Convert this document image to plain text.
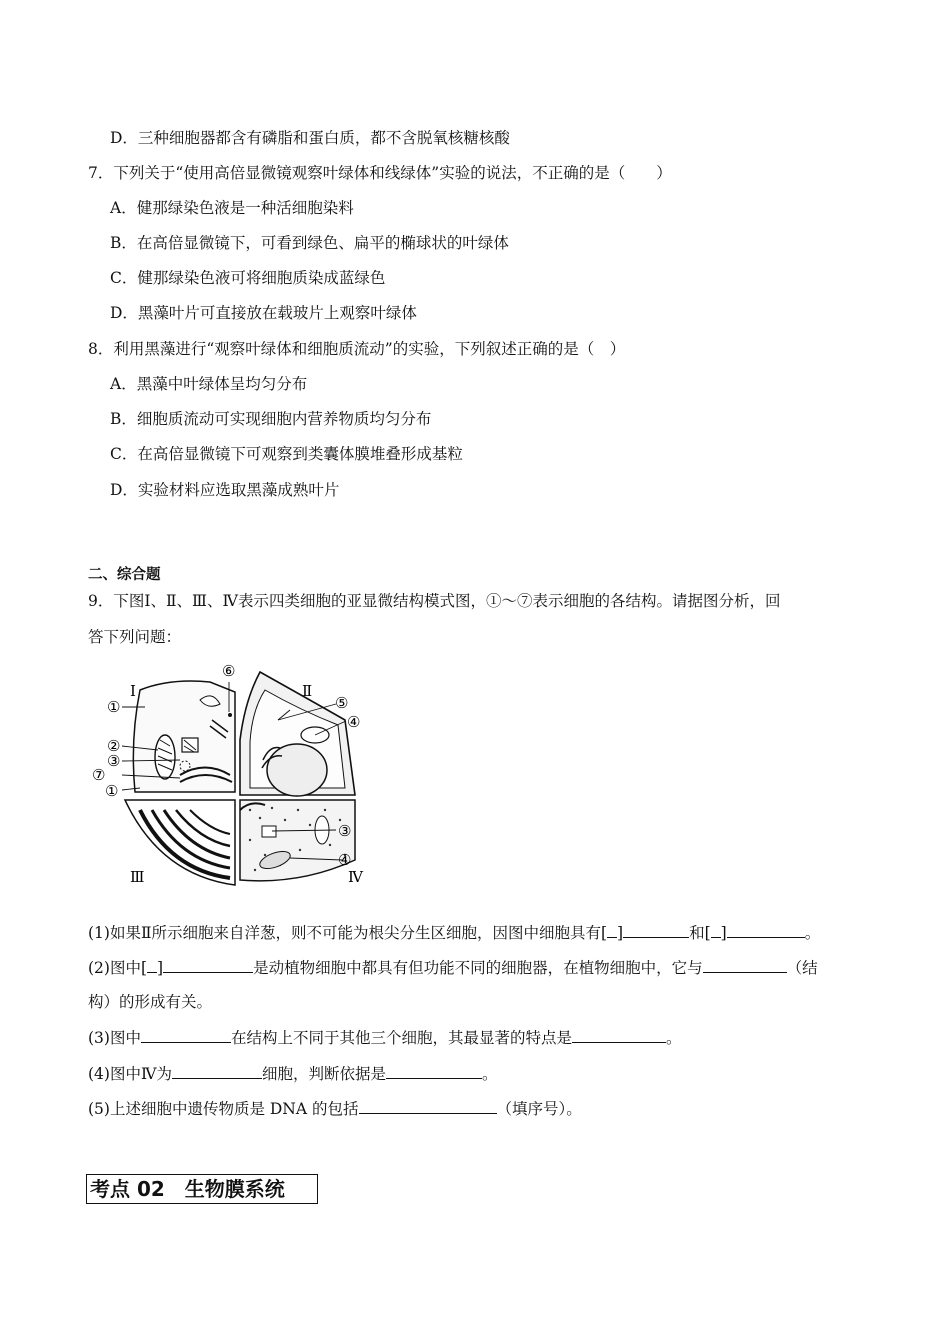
D．三种细胞器都含有磷脂和蛋白质，都不含脱氧核糖核酸
7．下列关于“使用高倍显微镜观察叶绿体和线绿体”实验的说法，不正确的是（　　）
A．健那绿染色液是一种活细胞染料
B．在高倍显微镜下，可看到绿色、扁平的椭球状的叶绿体
C．健那绿染色液可将细胞质染成蓝绿色
D．黑藻叶片可直接放在载玻片上观察叶绿体
8．利用黑藻进行“观察叶绿体和细胞质流动”的实验，下列叙述正确的是（　）
A．黑藻中叶绿体呈均匀分布
B．细胞质流动可实现细胞内营养物质均匀分布
C．在高倍显微镜下可观察到类囊体膜堆叠形成基粒
D．实验材料应选取黑藻成熟叶片
二、综合题
9．下图Ⅰ、Ⅱ、Ⅲ、Ⅳ表示四类细胞的亚显微结构模式图，①～⑦表示细胞的各结构。请据图分析，回
答下列问题：
Ⅰ	Ⅱ
Ⅲ	Ⅳ
①
②
③
⑦
①
⑥
⑤
④
③
④
(1)如果Ⅱ所示细胞来自洋葱，则不可能为根尖分生区细胞，因图中细胞具有[ ]	和[ ]	。
(2)图中[ ]	是动植物细胞中都具有但功能不同的细胞器，在植物细胞中，它与	（结
构）的形成有关。
(3)图中	在结构上不同于其他三个细胞，其最显著的特点是	。
(4)图中Ⅳ为	细胞，判断依据是	。
(5)上述细胞中遗传物质是 DNA 的包括	（填序号）。
考点 02　生物膜系统
